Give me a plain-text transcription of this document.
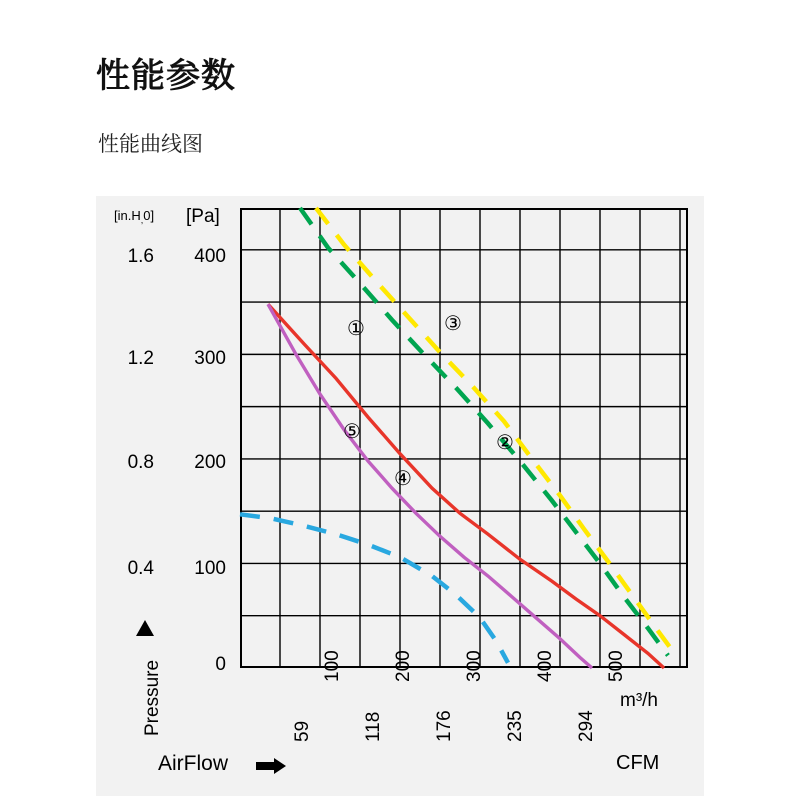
性能参数
性能曲线图
$[in.H_,0]$ [Pa]
1.6
1.2
0.8
0.4
400
300
200
100
0
Pressure
①	③
②
⑤
④
100	200	300	400	500
m³/h
59	118	176	235	294
AirFlow	CFM
